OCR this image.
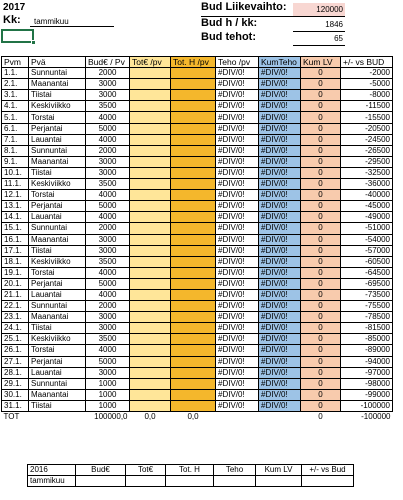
2017
Kk: tammikuu
Bud Liikevaihto:	120000
Bud h / kk:	1846
Bud tehot:	65
Pvm	Pvä	Bud€ / Pv	Tot€ /pv	Tot. H /pv	Teho /pv	KumTeho	Kum LV	+/- vs BUD
1.1.	Sunnuntai	2000			#DIV/0!	#DIV/0!	0	-2000
2.1.	Maanantai	3000			#DIV/0!	#DIV/0!	0	-5000
3.1.	Tiistai	3000			#DIV/0!	#DIV/0!	0	-8000
4.1.	Keskiviikko	3500			#DIV/0!	#DIV/0!	0	-11500
5.1.	Torstai	4000			#DIV/0!	#DIV/0!	0	-15500
6.1.	Perjantai	5000			#DIV/0!	#DIV/0!	0	-20500
7.1.	Lauantai	4000			#DIV/0!	#DIV/0!	0	-24500
8.1.	Sunnuntai	2000			#DIV/0!	#DIV/0!	0	-26500
9.1.	Maanantai	3000			#DIV/0!	#DIV/0!	0	-29500
10.1.	Tiistai	3000			#DIV/0!	#DIV/0!	0	-32500
11.1.	Keskiviikko	3500			#DIV/0!	#DIV/0!	0	-36000
12.1.	Torstai	4000			#DIV/0!	#DIV/0!	0	-40000
13.1.	Perjantai	5000			#DIV/0!	#DIV/0!	0	-45000
14.1.	Lauantai	4000			#DIV/0!	#DIV/0!	0	-49000
15.1.	Sunnuntai	2000			#DIV/0!	#DIV/0!	0	-51000
16.1.	Maanantai	3000			#DIV/0!	#DIV/0!	0	-54000
17.1.	Tiistai	3000			#DIV/0!	#DIV/0!	0	-57000
18.1.	Keskiviikko	3500			#DIV/0!	#DIV/0!	0	-60500
19.1.	Torstai	4000			#DIV/0!	#DIV/0!	0	-64500
20.1.	Perjantai	5000			#DIV/0!	#DIV/0!	0	-69500
21.1.	Lauantai	4000			#DIV/0!	#DIV/0!	0	-73500
22.1.	Sunnuntai	2000			#DIV/0!	#DIV/0!	0	-75500
23.1.	Maanantai	3000			#DIV/0!	#DIV/0!	0	-78500
24.1.	Tiistai	3000			#DIV/0!	#DIV/0!	0	-81500
25.1.	Keskiviikko	3500			#DIV/0!	#DIV/0!	0	-85000
26.1.	Torstai	4000			#DIV/0!	#DIV/0!	0	-89000
27.1.	Perjantai	5000			#DIV/0!	#DIV/0!	0	-94000
28.1.	Lauantai	3000			#DIV/0!	#DIV/0!	0	-97000
29.1.	Sunnuntai	1000			#DIV/0!	#DIV/0!	0	-98000
30.1.	Maanantai	1000			#DIV/0!	#DIV/0!	0	-99000
31.1.	Tiistai	1000			#DIV/0!	#DIV/0!	0	-100000
TOT		100000,0	0,0	0,0			0	-100000
2016	Bud€	Tot€	Tot. H	Teho	Kum LV	+/- vs Bud
tammikuu						
